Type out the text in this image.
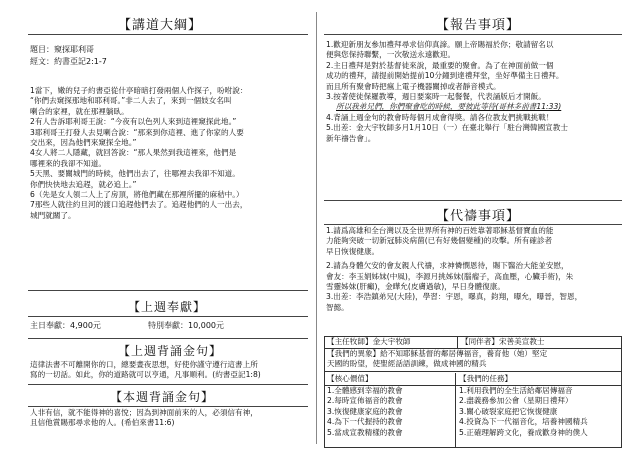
【講道大綱】
題目：窺探耶利哥
經文：約書亞記2:1-7
1當下，嫩的兒子約書亞從什亭暗暗打發兩個人作探子，吩咐說：
“你們去窺探那地和耶利哥。”非二人去了，來到一個妓女名叫
喇合的家裡，就在那裡躺臥。
2有人告訴耶利哥王說：“今夜有以色列人來到這裡窺探此地。”
3耶利哥王打發人去見喇合說：“那來到你這裡、進了你家的人要
交出來，因為他們來窺探全地。”
4女人將二人隱藏，就回答說：“那人果然到我這裡來，他們是
哪裡來的我卻不知道。
5天黑、要關城門的時候，他們出去了，往哪裡去我卻不知道。
你們快快地去追趕，就必追上。”
6（先是女人領二人上了房頂，將他們藏在那裡所擺的麻秸中。）
7那些人就往約旦河的渡口追趕他們去了。追趕他們的人一出去，
城門就關了。
【上週奉獻】
主日奉獻：4,900元	特別奉獻：10,000元
【上週背誦金句】
這律法書不可離開你的口，總要晝夜思想，好使你謹守遵行這書上所
寫的一切話。如此，你的道路就可以亨通，凡事順利。(約書亞記1:8)
【本週背誦金句】
人非有信，就不能得神的喜悅；因為到神面前來的人，必須信有神，
且信他賞賜那尋求他的人。(希伯來書11:6)
【報告事項】
1.歡迎新朋友參加禮拜尋求信仰真諦。願上帝賜福於你；敬請留名以
便與您保持聯繫，一次敬送永遠歡迎。
2.主日禮拜是對於基督徒來說，最重要的聚會。為了在神面前做一個
成功的禮拜，請提前開始提前10分鐘到達禮拜堂，坐好準備主日禮拜。
而且所有聚會時把瘋上電子機器關掉或者靜音模式。
3.按著使徒保羅教導，週日要案時一起餐餐，代表誦版后才開飯。
所以我弟兄們，你們聚會吃的時候，要彼此等待(哥林多前書11:33)
4.背誦上週金句的教會時每個月成會得獎。請各位教友們挑戰挑戰！
5.出差：金大宇牧師多月1月10日（一）在臺北舉行「駐台灣韓國宣教士
新年禱告會」。
【代禱事項】
1.請爲高雄和全台灣以及全世界所有神的百姓靠著耶穌基督寶血的能
力能夠突破一切新冠肺炎病菌(已有好幾個變種)的攻擊。所有確診者
早日恢復健康。
2.請為身體欠安的會友親人代禱，求神憐憫恩待，賜下醫治大能並安慰，
會友：李玉娟姊妹(中風)，李源月挑姊妹(腦瘤子，高血壓，心臟手術)，朱
雪靈姊妹(肝癲)，金曄允(皮膚過敏)，早日身體復康。
3.出差：李浩鎮弟兄(大陸)，學習：宇恩，曝真，鈞翔，曝允，曝晉，智恩，
智懿。
【主任牧師】金大宇牧師	【同伴者】宋善美宣教士
【我們的異象】給不知耶穌基督的鄰居傳福音，養育他（她）堅定
天國的盼望，使聖經話語訓練，做成神國的精兵
【核心價值】
1.全體感到幸福的教會
2.每時宣佈福音的教會
3.恢復健康家庭的教會
4.為下一代握持的教會
5.當成宣教精樣的教會
【我們的任務】
1.利用我們的全生活給鄰居傳福音
2.盡義務參加公會（星期日禮拜）
3.關心破裂家庭把它恢復健康
4.投資為下一代福音化，培養神國精兵
5.正確理解跨文化，養成歡身神的僕人
